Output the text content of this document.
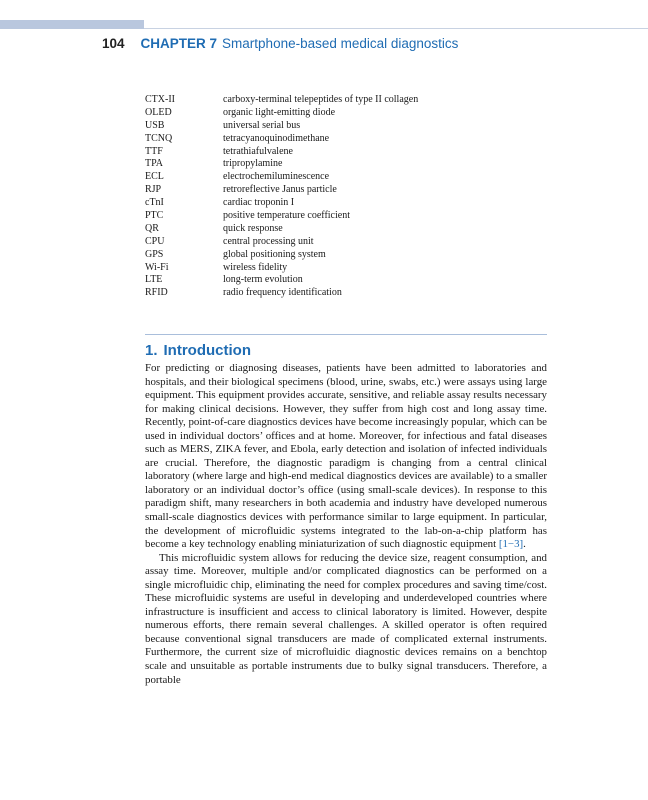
104 CHAPTER 7 Smartphone-based medical diagnostics
CTX-II	carboxy-terminal telepeptides of type II collagen
OLED	organic light-emitting diode
USB	universal serial bus
TCNQ	tetracyanoquinodimethane
TTF	tetrathiafulvalene
TPA	tripropylamine
ECL	electrochemiluminescence
RJP	retroreflective Janus particle
cTnI	cardiac troponin I
PTC	positive temperature coefficient
QR	quick response
CPU	central processing unit
GPS	global positioning system
Wi-Fi	wireless fidelity
LTE	long-term evolution
RFID	radio frequency identification
1. Introduction

For predicting or diagnosing diseases, patients have been admitted to laboratories and hospitals, and their biological specimens (blood, urine, swabs, etc.) were assays using large equipment. This equipment provides accurate, sensitive, and reliable assay results necessary for making clinical decisions. However, they suffer from high cost and long assay time. Recently, point-of-care diagnostics devices have become increasingly popular, which can be used in individual doctors’ offices and at home. Moreover, for infectious and fatal diseases such as MERS, ZIKA fever, and Ebola, early detection and isolation of infected individuals are crucial. Therefore, the diagnostic paradigm is changing from a central clinical laboratory (where large and high-end medical diagnostics devices are available) to a smaller laboratory or an individual doctor’s office (using small-scale devices). In response to this paradigm shift, many researchers in both academia and industry have developed numerous small-scale diagnostics devices with performance similar to large equipment. In particular, the development of microfluidic systems integrated to the lab-on-a-chip platform has become a key technology enabling miniaturization of such diagnostic equipment [1−3].

This microfluidic system allows for reducing the device size, reagent consumption, and assay time. Moreover, multiple and/or complicated diagnostics can be performed on a single microfluidic chip, eliminating the need for complex procedures and saving time/cost. These microfluidic systems are useful in developing and underdeveloped countries where infrastructure is insufficient and access to clinical laboratory is limited. However, despite numerous efforts, there remain several challenges. A skilled operator is often required because conventional signal transducers are made of complicated external instruments. Furthermore, the current size of microfluidic diagnostic devices remains on a benchtop scale and unsuitable as portable instruments due to bulky signal transducers. Therefore, a portable
